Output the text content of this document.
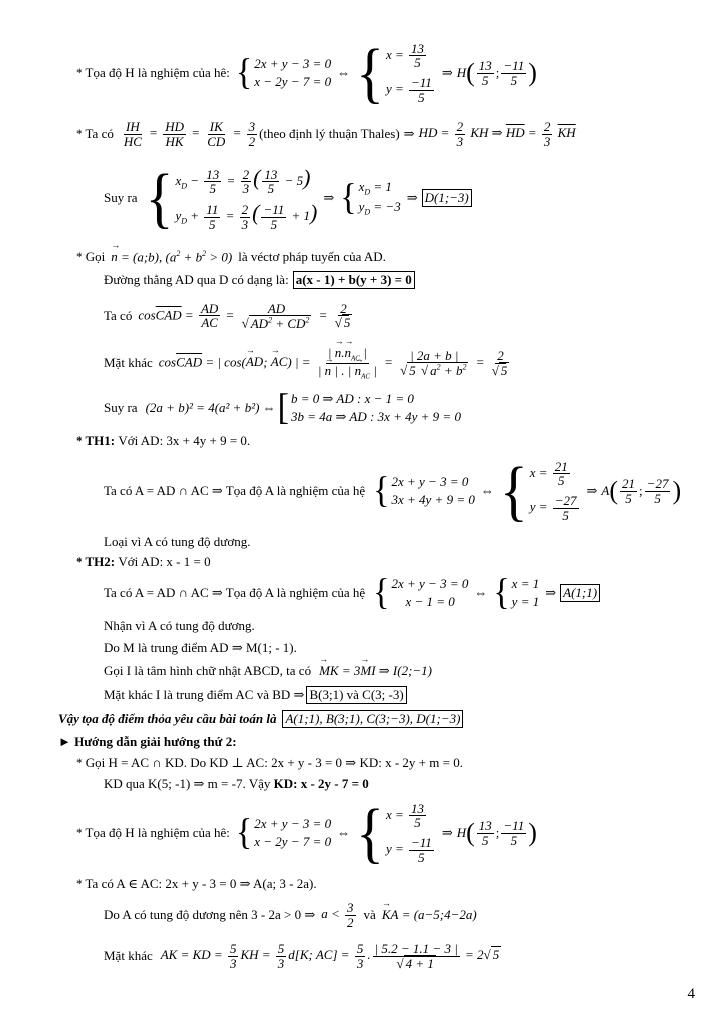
* Tọa độ H là nghiệm của hê: { 2x + y − 3 = 0
x − 2y − 7 = 0
⇔ { $x = \frac{13}{5}$
$y = \frac{-11}{5}$
⇒ H ( $\frac{13}{5}$ ; $\frac{-11}{5}$ )
* Ta có $\frac{IH}{HC} = \frac{HD}{HK} = \frac{IK}{CD} = \frac{3}{2}$ (theo định lý thuận Thales) ⇒ HD = $\frac{2}{3}$ KH ⇒ $\overline{HD} = \frac{2}{3} \overline{KH}$
Suy ra { $x_D - \frac{13}{5} = \frac{2}{3}$ ( $\frac{13}{5} - 5$)
$y_D + \frac{11}{5} = \frac{2}{3}$ ( $\frac{-11}{5} + 1$)
⇒ { $x_D = 1$
$y_D = -3$
⇒ D(1;−3)
* Gọi → n = (a;b), $(a^2 + b^2 > 0)$ là véctơ pháp tuyến của AD.
Đường thẳng AD qua D có dạng là: a(x - 1) + b(y + 3) = 0
Ta có $\cos\overline{CAD} = \frac{AD}{AC} = \frac{AD}{√ AD^2 + CD^2} = \frac{2}{√ 5}$
Mặt khác $\cos\overline{CAD}$ = | cos(→ AD; → AC) | = $\frac{| \to n.\to n_{AC} |}{| \to n | . | \to n_{AC} |} = \frac{| 2a + b |}{√ 5 √ a^2 + b^2} = \frac{2}{√ 5}$
Suy ra (2a + b)² = 4(a² + b²) ⇔ [ b = 0 ⇒ AD : x − 1 = 0
3b = 4a ⇒ AD : 3x + 4y + 9 = 0
* TH1:
Với AD: 3x + 4y + 9 = 0.
Ta có A = AD ∩ AC ⇒ Tọa độ A là nghiệm của hệ { 2x + y − 3 = 0
3x + 4y + 9 = 0
⇔ { $x = \frac{21}{5}$
$y = \frac{-27}{5}$
⇒ A ( $\frac{21}{5}$ ; $\frac{-27}{5}$ )
Loại vì A có tung độ dương.
* TH2:
Với AD: x - 1 = 0
Ta có A = AD ∩ AC ⇒ Tọa độ A là nghiệm của hệ { 2x + y − 3 = 0
x − 1 = 0
⇔ { x = 1
y = 1
⇒ A(1;1)
Nhận vì A có tung độ dương.
Do M là trung điểm AD ⇒ M(1; - 1).
Gọi I là tâm hình chữ nhật ABCD, ta có → MK = 3→ MI ⇒ I(2;−1)
Mặt khác I là trung điểm AC và BD ⇒ B(3;1) và C(3; -3)
Vậy tọa độ điểm thỏa yêu cầu bài toán là A(1;1), B(3;1), C(3;−3), D(1;−3)
► Hướng dẫn giải hướng thứ 2:
* Gọi H = AC ∩ KD. Do KD ⊥ AC: 2x + y - 3 = 0 ⇒ KD: x - 2y + m = 0.
KD qua K(5; -1) ⇒ m = -7. Vậy
KD: x - 2y - 7 = 0
* Tọa độ H là nghiệm của hê: { 2x + y − 3 = 0
x − 2y − 7 = 0
⇔ { $x = \frac{13}{5}$
$y = \frac{-11}{5}$
⇒ H ( $\frac{13}{5}$ ; $\frac{-11}{5}$ )
* Ta có A ∈ AC: 2x + y - 3 = 0 ⇒ A(a; 3 - 2a).
Do A có tung độ dương nên 3 - 2a > 0 ⇒ $a < \frac{3}{2}$ và → KA = (a−5;4−2a)
Mặt khác AK = KD = $\frac{5}{3}$ KH = $\frac{5}{3} d[K$; $AC] = \frac{5}{3}$ . $\frac{| 5.2 - 1.1 - 3 |}{√ 4 + 1} = 2√$ 5
4
